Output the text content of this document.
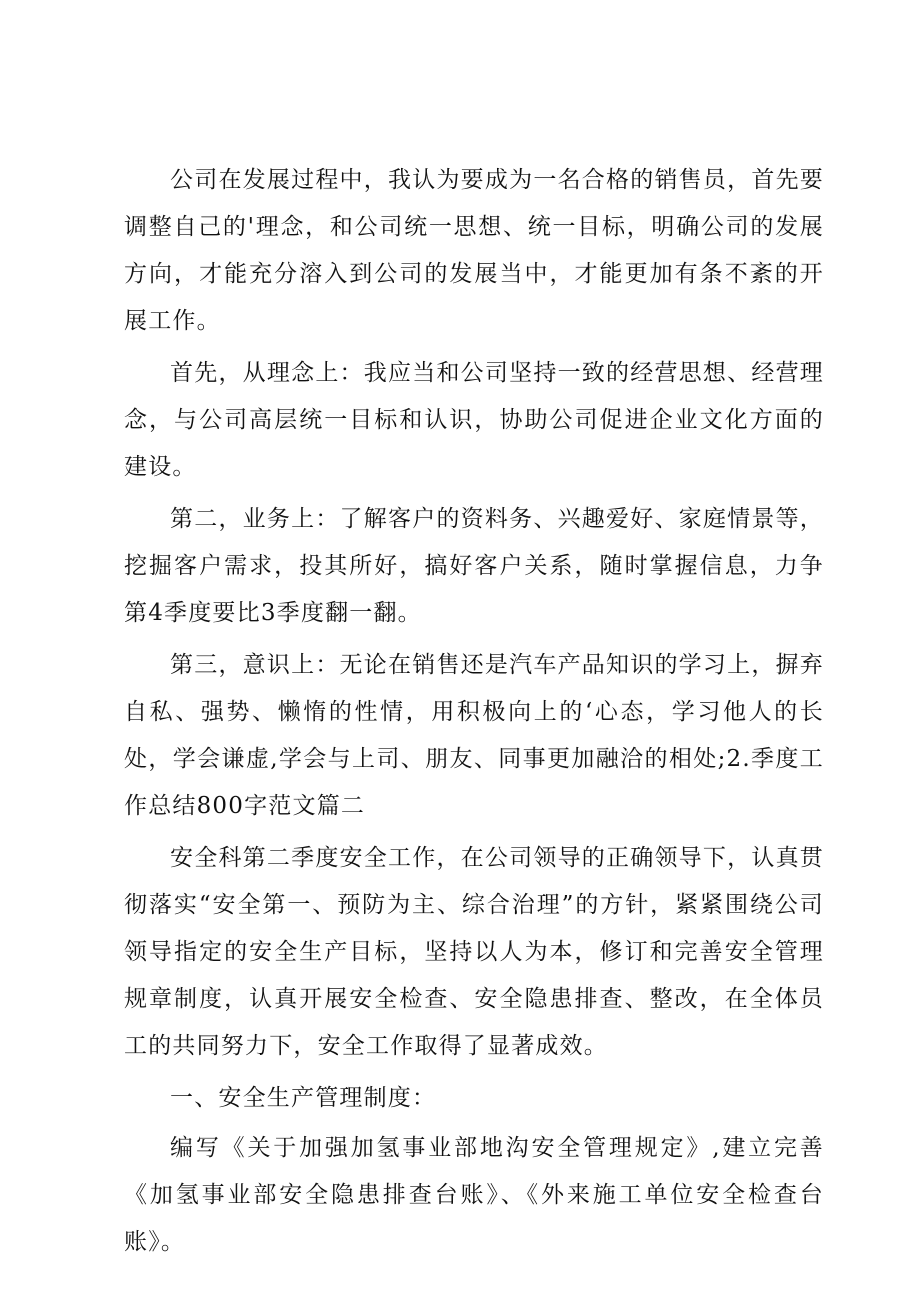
公司在发展过程中，我认为要成为一名合格的销售员，首先要调整自己的'理念，和公司统一思想、统一目标，明确公司的发展方向，才能充分溶入到公司的发展当中，才能更加有条不紊的开展工作。

首先，从理念上：我应当和公司坚持一致的经营思想、经营理念，与公司高层统一目标和认识，协助公司促进企业文化方面的建设。

第二，业务上：了解客户的资料务、兴趣爱好、家庭情景等，挖掘客户需求，投其所好，搞好客户关系，随时掌握信息，力争第4季度要比3季度翻一翻。

第三，意识上：无论在销售还是汽车产品知识的学习上，摒弃自私、强势、懒惰的性情，用积极向上的‘心态，学习他人的长处，学会谦虚,学会与上司、朋友、同事更加融洽的相处;2.季度工作总结800字范文篇二

安全科第二季度安全工作，在公司领导的正确领导下，认真贯彻落实“安全第一、预防为主、综合治理”的方针，紧紧围绕公司领导指定的安全生产目标，坚持以人为本，修订和完善安全管理规章制度，认真开展安全检查、安全隐患排查、整改，在全体员工的共同努力下，安全工作取得了显著成效。

一、安全生产管理制度：

编写《关于加强加氢事业部地沟安全管理规定》,建立完善《加氢事业部安全隐患排查台账》、《外来施工单位安全检查台账》。
